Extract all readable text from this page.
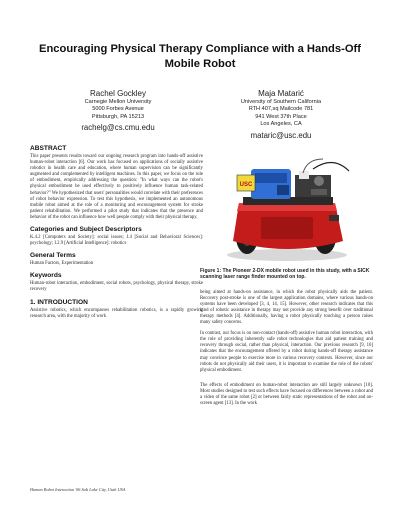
Encouraging Physical Therapy Compliance with a Hands-Off Mobile Robot
Rachel Gockley
Carnegie Mellon University
5000 Forbes Avenue
Pittsburgh, PA 15213
rachelg@cs.cmu.edu
Maja Matarić
University of Southern California
RTH 407,sq Mailcode 781
941 West 37th Place
Los Angeles, CA
mataric@usc.edu
ABSTRACT
This paper presents results toward our ongoing research program into hands-off assistive human-robot interaction [6]. Our work has focused on applications of socially assistive robotics in health care and education, where human supervision can be significantly augmented and complemented by intelligent machines. In this paper, we focus on the role of embodiment, empirically addressing the question: "In what ways can the robot's physical embodiment be used effectively to positively influence human task-related behavior?" We hypothesized that users' personalities would correlate with their preferences of robot behavior expression. To test this hypothesis, we implemented an autonomous mobile robot aimed at the role of a monitoring and encouragement system for stroke patient rehabilitation. We performed a pilot study that indicates that the presence and behavior of the robot can influence how well people comply with their physical therapy.
Categories and Subject Descriptors
K.4.2 [Computers and Society]: social issues; J.4 [Social and Behavioral Sciences]: psychology; I.2.9 [Artificial Intelligence]: robotics
General Terms
Human Factors, Experimentation
Keywords
Human-robot interaction, embodiment, social robots, psychology, physical therapy, stroke recovery
1. INTRODUCTION
Assistive robotics, which encompasses rehabilitation robotics, is a rapidly growing research area, with the majority of work
USC
Figure 1: The Pioneer 2-DX mobile robot used in this study, with a SICK scanning laser range finder mounted on top.
being aimed at hands-on assistance, in which the robot physically aids the patient. Recovery post-stroke is one of the largest application domains, where various hands-on systems have been developed [3, 4, 14, 15]. However, other research indicates that this kind of robotic assistance in therapy may not provide any strong benefit over traditional therapy methods [4]. Additionally, having a robot physically touching a person raises many safety concerns.
In contrast, our focus is on non-contact (hands-off) assistive human robot interaction, with the role of providing inherently safe robot technologies that aid patient training and recovery through social, rather than physical, interaction. Our previous research [9, 16] indicates that the encouragement offered by a robot during hands-off therapy assistance may convince people to exercise more in various recovery contexts. However, since our robots do not physically aid their users, it is important to examine the role of the robots' physical embodiment.
The effects of embodiment on human-robot interaction are still largely unknown [10]. Most studies designed to test such effects have focused on differences between a robot and a video of the same robot [2] or between fairly static representations of the robot and on-screen agent [13]. In the work
Human Robot Interaction '06 Salt Lake City, Utah USA
